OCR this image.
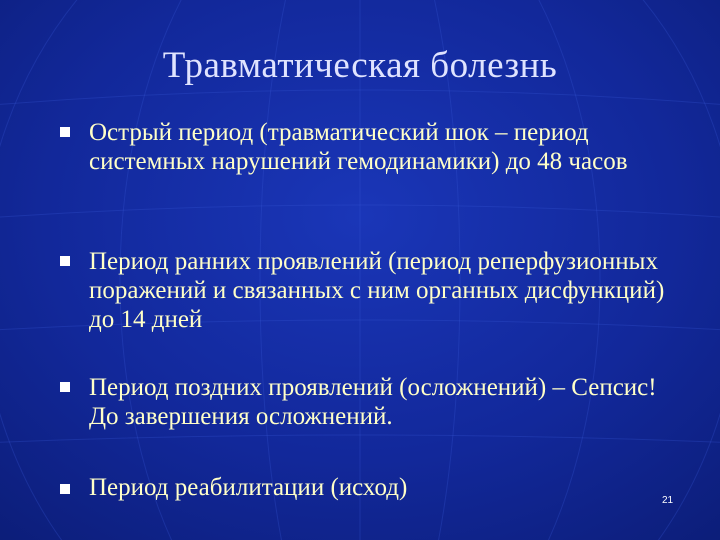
Травматическая болезнь
Острый период (травматический шок – период системных нарушений гемодинамики) до 48 часов
Период ранних проявлений (период реперфузионных поражений и связанных с ним органных дисфункций) до 14 дней
Период поздних проявлений (осложнений) – Сепсис! До завершения осложнений.
Период реабилитации (исход)	21
